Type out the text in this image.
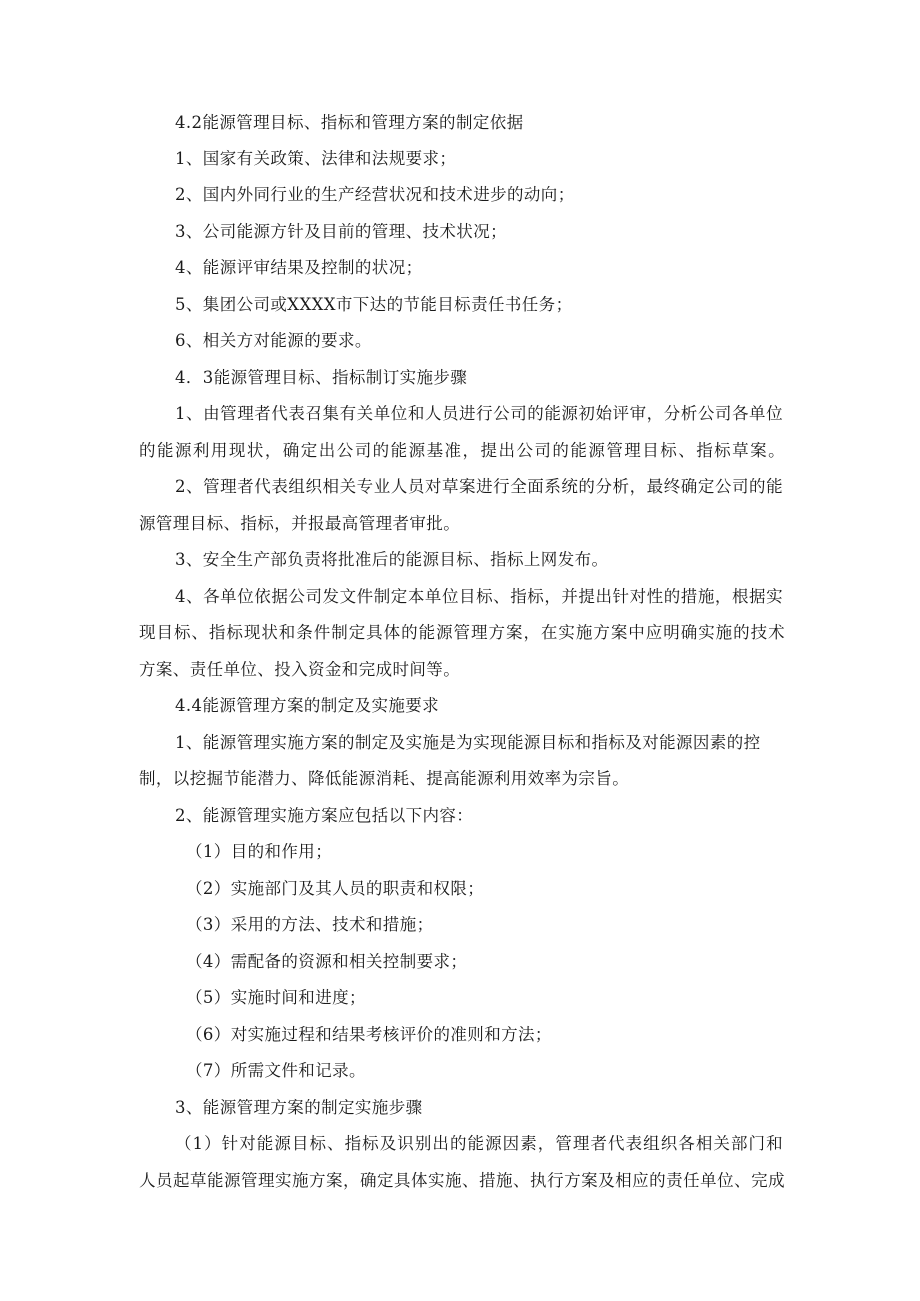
4.2能源管理目标、指标和管理方案的制定依据
1、国家有关政策、法律和法规要求；
2、国内外同行业的生产经营状况和技术进步的动向；
3、公司能源方针及目前的管理、技术状况；
4、能源评审结果及控制的状况；
5、集团公司或XXXX市下达的节能目标责任书任务；
6、相关方对能源的要求。
4．3能源管理目标、指标制订实施步骤
1、由管理者代表召集有关单位和人员进行公司的能源初始评审，分析公司各单位
的能源利用现状，确定出公司的能源基准，提出公司的能源管理目标、指标草案。
2、管理者代表组织相关专业人员对草案进行全面系统的分析，最终确定公司的能
源管理目标、指标，并报最高管理者审批。
3、安全生产部负责将批准后的能源目标、指标上网发布。
4、各单位依据公司发文件制定本单位目标、指标，并提出针对性的措施，根据实
现目标、指标现状和条件制定具体的能源管理方案，在实施方案中应明确实施的技术
方案、责任单位、投入资金和完成时间等。
4.4能源管理方案的制定及实施要求
1、能源管理实施方案的制定及实施是为实现能源目标和指标及对能源因素的控
制，以挖掘节能潜力、降低能源消耗、提高能源利用效率为宗旨。
2、能源管理实施方案应包括以下内容：
（1）目的和作用；
（2）实施部门及其人员的职责和权限；
（3）采用的方法、技术和措施；
（4）需配备的资源和相关控制要求；
（5）实施时间和进度；
（6）对实施过程和结果考核评价的准则和方法；
（7）所需文件和记录。
3、能源管理方案的制定实施步骤
（1）针对能源目标、指标及识别出的能源因素，管理者代表组织各相关部门和
人员起草能源管理实施方案，确定具体实施、措施、执行方案及相应的责任单位、完成
